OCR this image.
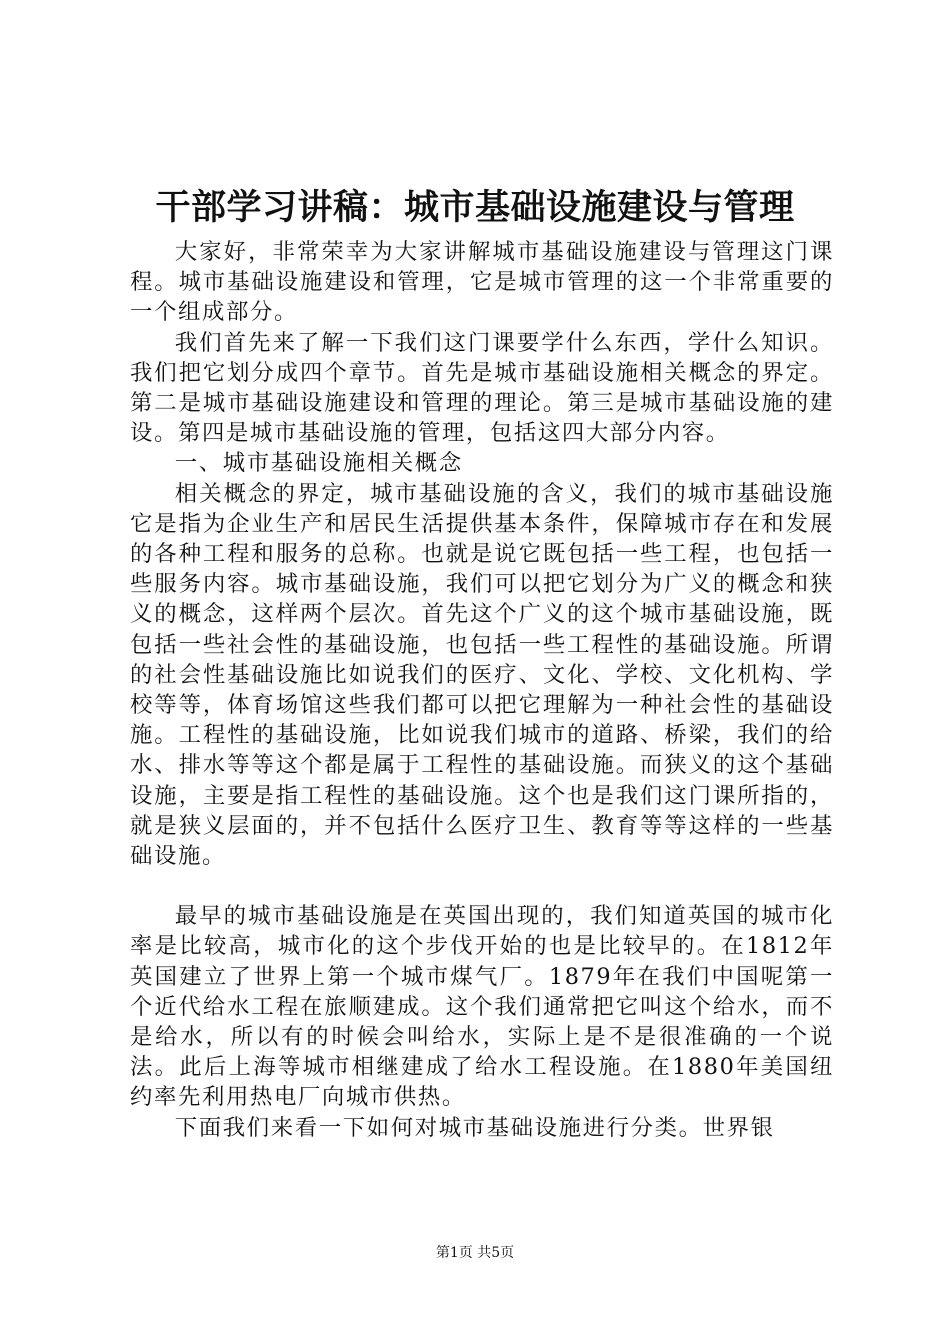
干部学习讲稿：城市基础设施建设与管理

大家好，非常荣幸为大家讲解城市基础设施建设与管理这门课程。城市基础设施建设和管理，它是城市管理的这一个非常重要的一个组成部分。

我们首先来了解一下我们这门课要学什么东西，学什么知识。我们把它划分成四个章节。首先是城市基础设施相关概念的界定。第二是城市基础设施建设和管理的理论。第三是城市基础设施的建设。第四是城市基础设施的管理，包括这四大部分内容。

一、城市基础设施相关概念

相关概念的界定，城市基础设施的含义，我们的城市基础设施它是指为企业生产和居民生活提供基本条件，保障城市存在和发展的各种工程和服务的总称。也就是说它既包括一些工程，也包括一些服务内容。城市基础设施，我们可以把它划分为广义的概念和狭义的概念，这样两个层次。首先这个广义的这个城市基础设施，既包括一些社会性的基础设施，也包括一些工程性的基础设施。所谓的社会性基础设施比如说我们的医疗、文化、学校、文化机构、学校等等，体育场馆这些我们都可以把它理解为一种社会性的基础设施。工程性的基础设施，比如说我们城市的道路、桥梁，我们的给水、排水等等这个都是属于工程性的基础设施。而狭义的这个基础设施，主要是指工程性的基础设施。这个也是我们这门课所指的，就是狭义层面的，并不包括什么医疗卫生、教育等等这样的一些基础设施。

最早的城市基础设施是在英国出现的，我们知道英国的城市化率是比较高，城市化的这个步伐开始的也是比较早的。在1812年英国建立了世界上第一个城市煤气厂。1879年在我们中国呢第一个近代给水工程在旅顺建成。这个我们通常把它叫这个给水，而不是给水，所以有的时候会叫给水，实际上是不是很准确的一个说法。此后上海等城市相继建成了给水工程设施。在1880年美国纽约率先利用热电厂向城市供热。

下面我们来看一下如何对城市基础设施进行分类。世界银

第1页 共5页
